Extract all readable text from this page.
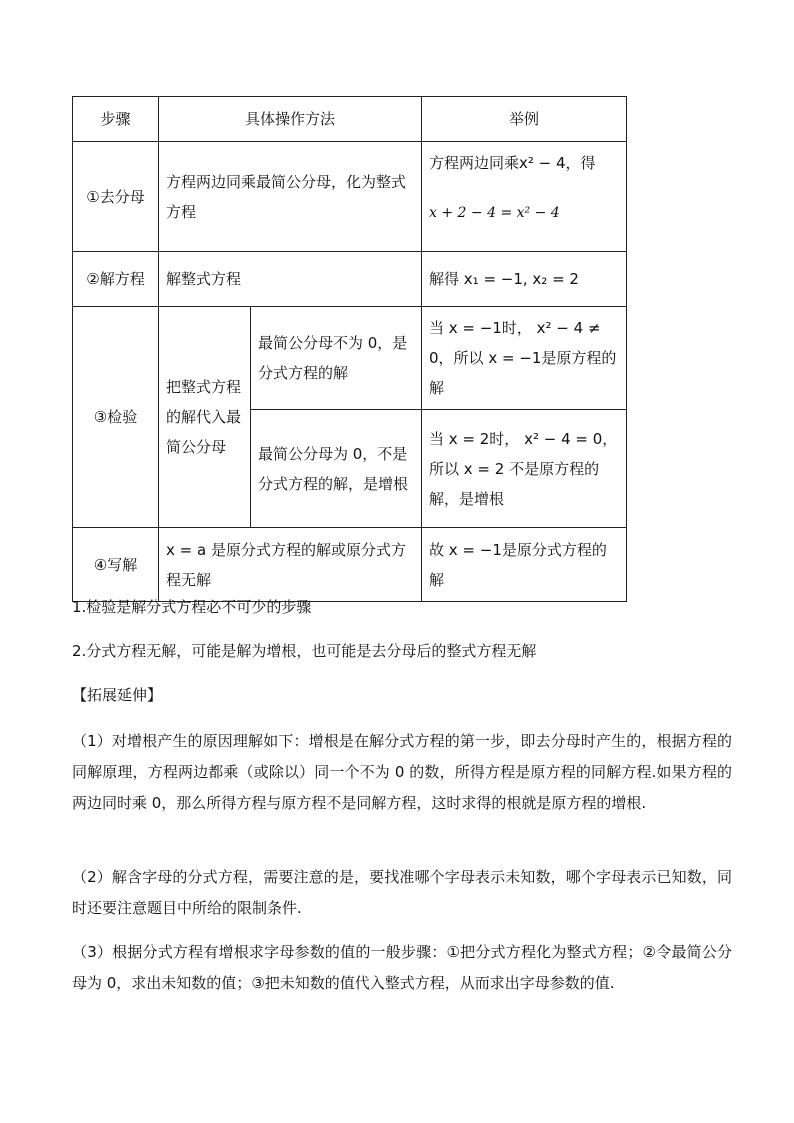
步骤	具体操作方法		举例
①去分母	方程两边同乘最简公分母，化为整式方程		方程两边同乘x² − 4，得
x + 2 − 4 = x² − 4

②解方程	解整式方程		解得 x₁ = −1, x₂ = 2
③检验	把整式方程的解代入最简公分母	最简公分母不为 0，是分式方程的解	当 x = −1时， x² − 4 ≠ 0，所以 x = −1是原方程的解
		最简公分母为 0，不是分式方程的解，是增根	当 x = 2时， x² − 4 = 0， 所以 x = 2 不是原方程的解，是增根
④写解	x = a 是原分式方程的解或原分式方程无解		故 x = −1是原分式方程的解
1.检验是解分式方程必不可少的步骤
2.分式方程无解，可能是解为增根，也可能是去分母后的整式方程无解
【拓展延伸】
（1）对增根产生的原因理解如下：增根是在解分式方程的第一步，即去分母时产生的，根据方程的同解原理，方程两边都乘（或除以）同一个不为 0 的数，所得方程是原方程的同解方程.如果方程的两边同时乘 0，那么所得方程与原方程不是同解方程，这时求得的根就是原方程的增根.
（2）解含字母的分式方程，需要注意的是，要找准哪个字母表示未知数，哪个字母表示已知数，同时还要注意题目中所给的限制条件.
（3）根据分式方程有增根求字母参数的值的一般步骤：①把分式方程化为整式方程；②令最简公分母为 0，求出未知数的值；③把未知数的值代入整式方程，从而求出字母参数的值.
